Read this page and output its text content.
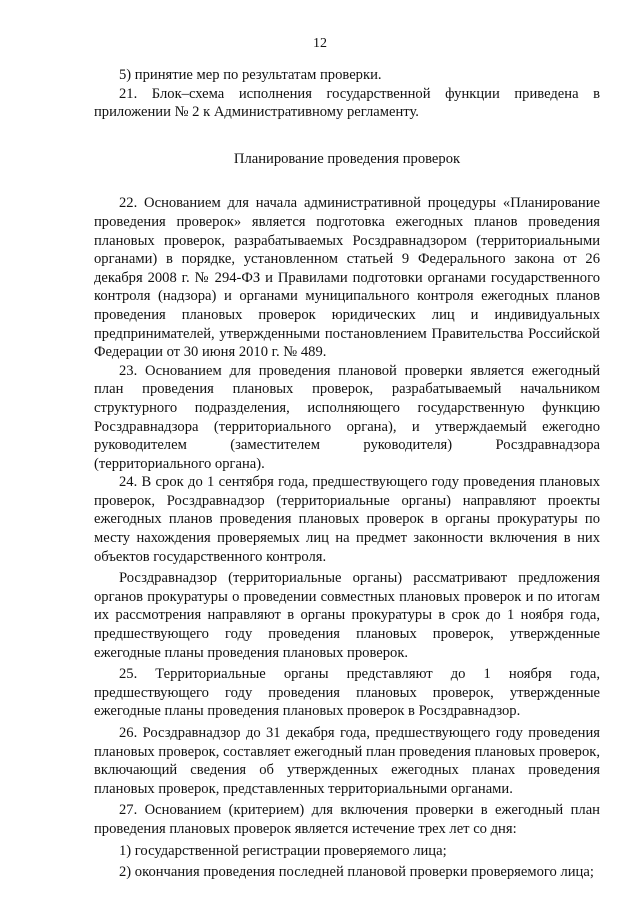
12

5) принятие мер по результатам проверки.

21. Блок–схема исполнения государственной функции приведена в приложении № 2 к Административному регламенту.

Планирование проведения проверок

22. Основанием для начала административной процедуры «Планирование проведения проверок» является подготовка ежегодных планов проведения плановых проверок, разрабатываемых Росздравнадзором (территориальными органами) в порядке, установленном статьей 9 Федерального закона от 26 декабря 2008 г. № 294-ФЗ и Правилами подготовки органами государственного контроля (надзора) и органами муниципального контроля ежегодных планов проведения плановых проверок юридических лиц и индивидуальных предпринимателей, утвержденными постановлением Правительства Российской Федерации от 30 июня 2010 г. № 489.

23. Основанием для проведения плановой проверки является ежегодный план проведения плановых проверок, разрабатываемый начальником структурного подразделения, исполняющего государственную функцию Росздравнадзора (территориального органа), и утверждаемый ежегодно руководителем (заместителем руководителя) Росздравнадзора (территориального органа).

24. В срок до 1 сентября года, предшествующего году проведения плановых проверок, Росздравнадзор (территориальные органы) направляют проекты ежегодных планов проведения плановых проверок в органы прокуратуры по месту нахождения проверяемых лиц на предмет законности включения в них объектов государственного контроля.

Росздравнадзор (территориальные органы) рассматривают предложения органов прокуратуры о проведении совместных плановых проверок и по итогам их рассмотрения направляют в органы прокуратуры в срок до 1 ноября года, предшествующего году проведения плановых проверок, утвержденные ежегодные планы проведения плановых проверок.

25. Территориальные органы представляют до 1 ноября года, предшествующего году проведения плановых проверок, утвержденные ежегодные планы проведения плановых проверок в Росздравнадзор.

26. Росздравнадзор до 31 декабря года, предшествующего году проведения плановых проверок, составляет ежегодный план проведения плановых проверок, включающий сведения об утвержденных ежегодных планах проведения плановых проверок, представленных территориальными органами.

27. Основанием (критерием) для включения проверки в ежегодный план проведения плановых проверок является истечение трех лет со дня:

1) государственной регистрации проверяемого лица;

2) окончания проведения последней плановой проверки проверяемого лица;
